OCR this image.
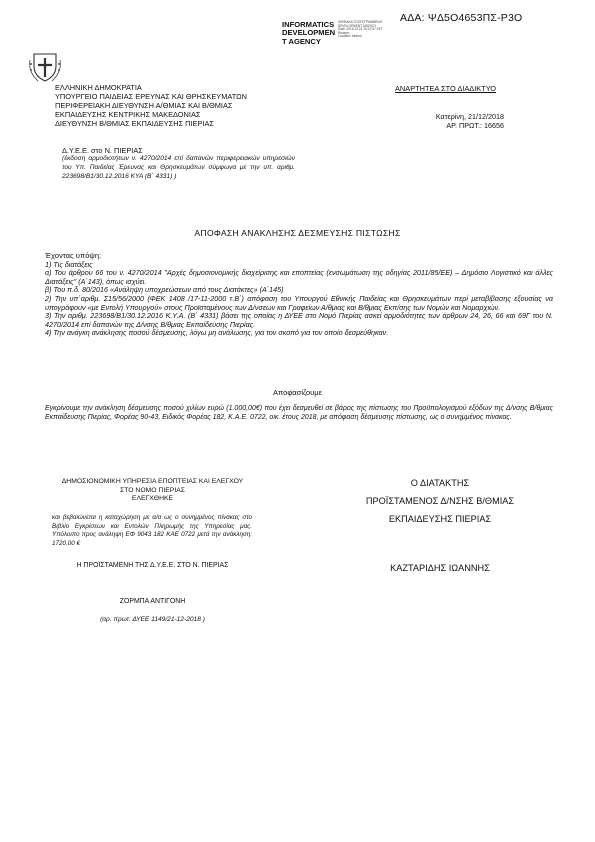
ΑΔΑ: ΨΔ5Ο4653ΠΣ-Ρ3Ο
INFORMATICS
DEVELOPMEN
T AGENCY
ΨΗΦΙΑΚΑ ΥΠΟΓΕΓΡΑΜΜΕΝΟ
DEVELOPMENT AGENCY
Date: 2018.12.21 15:12:07 EET
Reason:
Location: Athens
ΕΛΛΗΝΙΚΗ ΔΗΜΟΚΡΑΤΙΑ
ΥΠΟΥΡΓΕΙΟ ΠΑΙΔΕΙΑΣ ΕΡΕΥΝΑΣ ΚΑΙ ΘΡΗΣΚΕΥΜΑΤΩΝ
ΠΕΡΙΦΕΡΕΙΑΚΗ ΔΙΕΥΘΥΝΣΗ Α/ΘΜΙΑΣ ΚΑΙ Β/ΘΜΙΑΣ
ΕΚΠΑΙΔΕΥΣΗΣ ΚΕΝΤΡΙΚΗΣ ΜΑΚΕΔΟΝΙΑΣ
ΔΙΕΥΘΥΝΣΗ Β/ΘΜΙΑΣ ΕΚΠΑΙΔΕΥΣΗΣ ΠΙΕΡΙΑΣ
ΑΝΑΡΤΗΤΕΑ ΣΤΟ ΔΙΑΔΙΚΤΥΟ
Κατερίνη, 21/12/2018
ΑΡ. ΠΡΩΤ.: 16656
Δ.Υ.Ε.Ε. στο Ν. ΠΙΕΡΙΑΣ
(έκδοση αρμοδιοτήτων ν. 4270/2014 επί δαπανών περιφερειακών υπηρεσιών του Υπ. Παιδείας Έρευνας και Θρησκευμάτων σύμφωνα με την υπ. αριθμ. 223698/Β1/30.12.2016 ΚΥΑ (Β΄ 4331) )
ΑΠΟΦΑΣΗ ΑΝΑΚΛΗΣΗΣ ΔΕΣΜΕΥΣΗΣ ΠΙΣΤΩΣΗΣ

Έχοντας υπόψη:

1) Τις διατάξεις

α) Του άρθρου 66 του ν. 4270/2014 "Αρχές δημοσιονομικής διαχείρισης και εποπτείας (ενσωμάτωση της οδηγίας 2011/85/ΕΕ) – Δημόσιο Λογιστικό και άλλες Διατάξεις" (Α΄143), όπως ισχύει.

β) Του π.δ. 80/2016 «Ανάληψη υποχρεώσεων από τους Διατάκτες» (Α΄145)

2) Την υπ΄αριθμ. Σ15/56/2000 (ΦΕΚ 1408 /17-11-2000 τ.Β΄) απόφαση του Υπουργού Εθνικής Παιδείας και Θρησκευμάτων περί μεταβίβασης εξουσίας να υπογράφουν «με Εντολή Υπουργού» στους Προϊσταμένους των Δ/νσεων και Γραφείων Α/θμιας και Β/θμιας Εκπ/σης των Νομών και Νομαρχιών.

3) Την αριθμ. 223698/Β1/30.12.2016 Κ.Υ.Α. (Β΄ 4331) βάσει της οποίας η ΔΥΕΕ στο Νομό Πιερίας ασκεί αρμοδιότητες των άρθρων 24, 26, 66 και 69Γ του Ν. 4270/2014 επί δαπανών της Δ/νσης Β/θμιας Εκπαίδευσης Πιερίας.

4) Την ανάγκη ανάκλησης ποσού δέσμευσης, λόγω μη ανάλωσης, για τον σκοπό για τον οποίο δεσμεύθηκαν.

Αποφασίζουμε
Εγκρίνουμε την ανάκληση δέσμευσης ποσού χιλίων ευρώ (1.000,00€) που έχει δεσμευθεί σε βάρος της πίστωσης του Προϋπολογισμού εξόδων της Δ/νσης Β/θμιας Εκπαίδευσης Πιερίας, Φορέας 90-43, Ειδικός Φορέας 182, Κ.Α.Ε. 0722, οικ. έτους 2018, με απόφαση δέσμευσης πίστωσης, ως ο συνημμένος πίνακας.
ΔΗΜΟΣΙΟΝΟΜΙΚΗ ΥΠΗΡΕΣΙΑ ΕΠΟΠΤΕΙΑΣ ΚΑΙ ΕΛΕΓΧΟΥ
ΣΤΟ ΝΟΜΟ ΠΙΕΡΙΑΣ
ΕΛΕΓΧΘΗΚΕ
και βεβαιώνεται η καταχώρηση με α/α ως ο συνημμένος πίνακας στο Βιβλίο Εγκρίσεων και Εντολών Πληρωμής της Υπηρεσίας μας. Υπόλοιπο προς ανάληψη ΕΦ 9043 182 ΚΑΕ 0722 μετά την ανάκληση: 1720.00 €
Η ΠΡΟΪΣΤΑΜΕΝΗ ΤΗΣ Δ.Υ.Ε.Ε. ΣΤΟ Ν. ΠΙΕΡΙΑΣ
ΖΟΡΜΠΑ ΑΝΤΙΓΟΝΗ
(αρ. πρωτ. ΔΥΕΕ 1149/21-12-2018 )
Ο ΔΙΑΤΑΚΤΗΣ
ΠΡΟΪΣΤΑΜΕΝΟΣ Δ/ΝΣΗΣ Β/ΘΜΙΑΣ
ΕΚΠΑΙΔΕΥΣΗΣ ΠΙΕΡΙΑΣ
ΚΑΖΤΑΡΙΔΗΣ ΙΩΑΝΝΗΣ
